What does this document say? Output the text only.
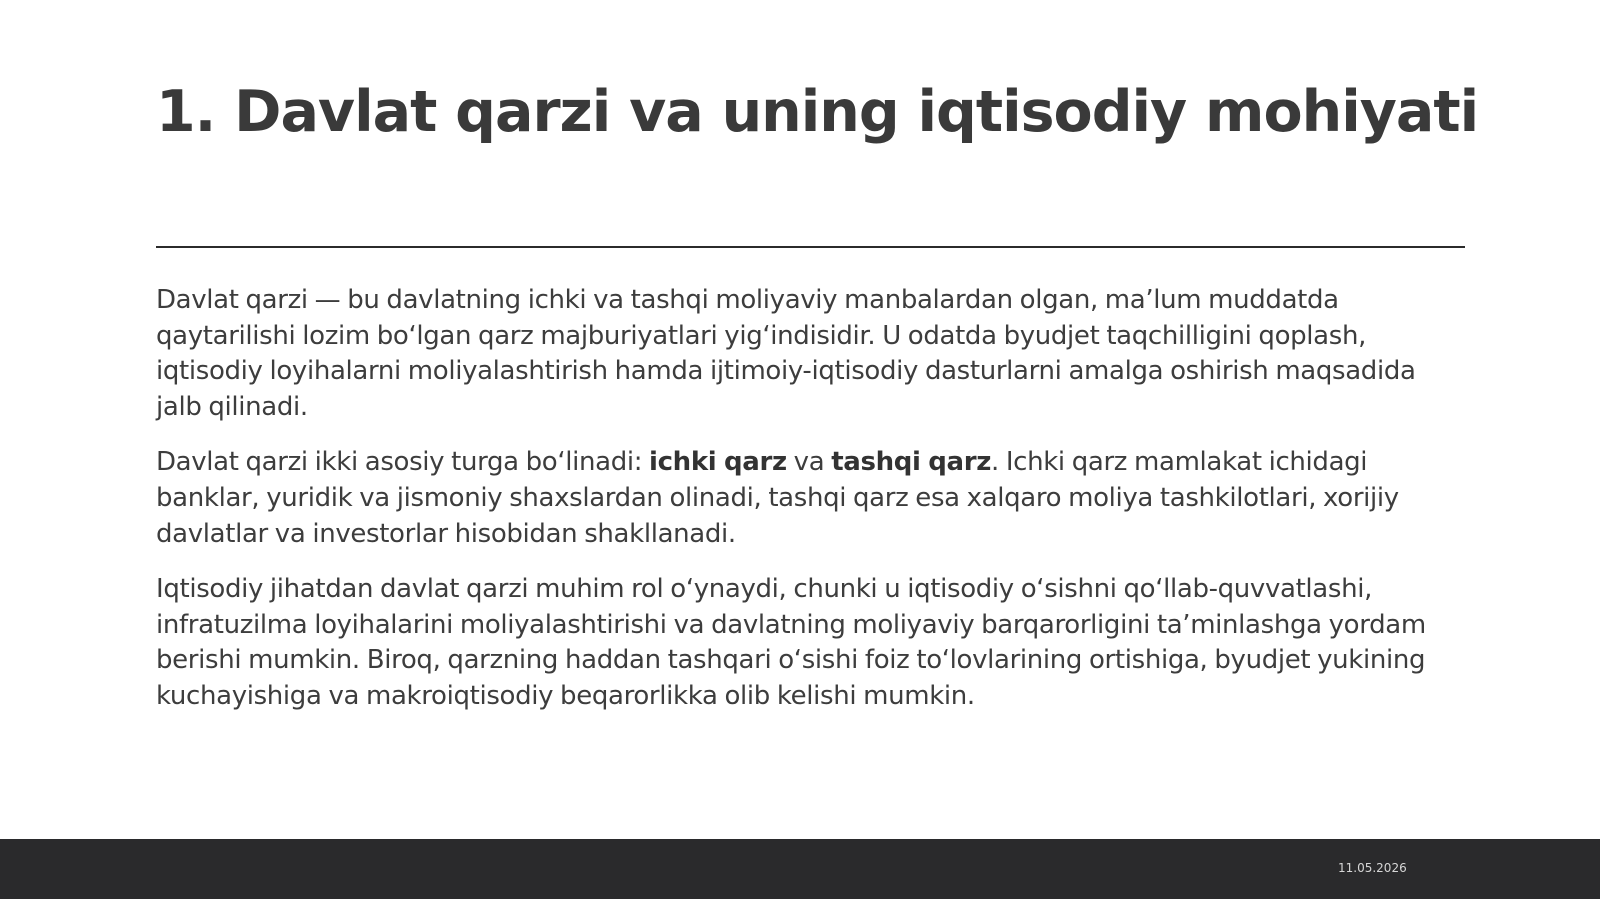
1. Davlat qarzi va uning iqtisodiy mohiyati

Davlat qarzi — bu davlatning ichki va tashqi moliyaviy manbalardan olgan, ma’lum muddatda qaytarilishi lozim bo‘lgan qarz majburiyatlari yig‘indisidir. U odatda byudjet taqchilligini qoplash, iqtisodiy loyihalarni moliyalashtirish hamda ijtimoiy-iqtisodiy dasturlarni amalga oshirish maqsadida jalb qilinadi.

Davlat qarzi ikki asosiy turga bo‘linadi: ichki qarz va tashqi qarz. Ichki qarz mamlakat ichidagi banklar, yuridik va jismoniy shaxslardan olinadi, tashqi qarz esa xalqaro moliya tashkilotlari, xorijiy davlatlar va investorlar hisobidan shakllanadi.

Iqtisodiy jihatdan davlat qarzi muhim rol o‘ynaydi, chunki u iqtisodiy o‘sishni qo‘llab-quvvatlashi, infratuzilma loyihalarini moliyalashtirishi va davlatning moliyaviy barqarorligini ta’minlashga yordam berishi mumkin. Biroq, qarzning haddan tashqari o‘sishi foiz to‘lovlarining ortishiga, byudjet yukining kuchayishiga va makroiqtisodiy beqarorlikka olib kelishi mumkin.

11.05.2026
